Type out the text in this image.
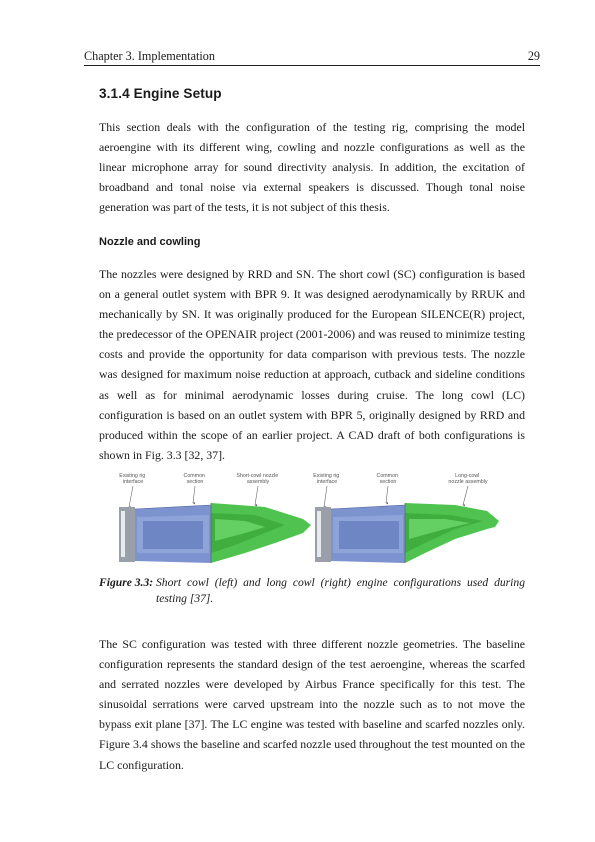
Chapter 3. Implementation	29
3.1.4 Engine Setup

This section deals with the configuration of the testing rig, comprising the model aeroengine with its different wing, cowling and nozzle configurations as well as the linear microphone array for sound directivity analysis. In addition, the excitation of broadband and tonal noise via external speakers is discussed. Though tonal noise generation was part of the tests, it is not subject of this thesis.

Nozzle and cowling

The nozzles were designed by RRD and SN. The short cowl (SC) configuration is based on a general outlet system with BPR 9. It was designed aerodynamically by RRUK and mechanically by SN. It was originally produced for the European SILENCE(R) project, the predecessor of the OPENAIR project (2001-2006) and was reused to minimize testing costs and provide the opportunity for data comparison with previous tests. The nozzle was designed for maximum noise reduction at approach, cutback and sideline conditions as well as for minimal aerodynamic losses during cruise. The long cowl (LC) configuration is based on an outlet system with BPR 5, originally designed by RRD and produced within the scope of an earlier project. A CAD draft of both configurations is shown in Fig. 3.3 [32, 37].

Existing rig interface
Common section
Short-cowl nozzle assembly
Existing rig interface
Common section
Long-cowl nozzle assembly
Figure 3.3: Short cowl (left) and long cowl (right) engine configurations used during testing [37].

The SC configuration was tested with three different nozzle geometries. The baseline configuration represents the standard design of the test aeroengine, whereas the scarfed and serrated nozzles were developed by Airbus France specifically for this test. The sinusoidal serrations were carved upstream into the nozzle such as to not move the bypass exit plane [37]. The LC engine was tested with baseline and scarfed nozzles only. Figure 3.4 shows the baseline and scarfed nozzle used throughout the test mounted on the LC configuration.
